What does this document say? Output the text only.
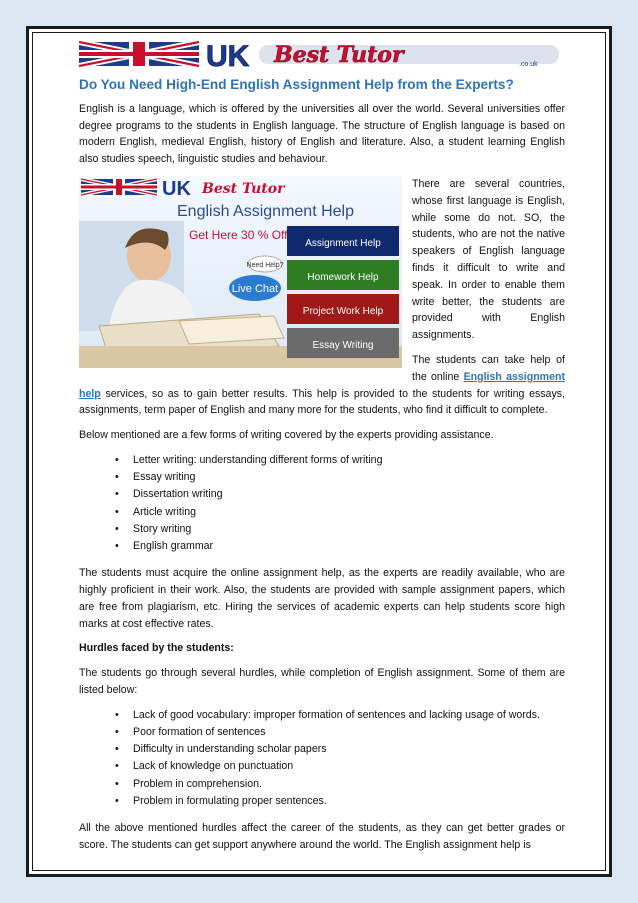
UK Best Tutor	.co.uk
Do You Need High-End English Assignment Help from the Experts?

English is a language, which is offered by the universities all over the world. Several universities offer degree programs to the students in English language. The structure of English language is based on modern English, medieval English, history of English and literature. Also, a student learning English also studies speech, linguistic studies and behaviour.

UK Best Tutor
English Assignment Help
Get Here 30 % Off
Need Help?
Live Chat
Assignment Help
Homework Help
Project Work Help
Essay Writing

There are several countries, whose first language is English, while some do not. SO, the students, who are not the native speakers of English language finds it difficult to write and speak. In order to enable them write better, the students are provided with English assignments.

The students can take help of the online English assignment help services, so as to gain better results. This help is provided to the students for writing essays, assignments, term paper of English and many more for the students, who find it difficult to complete.

Below mentioned are a few forms of writing covered by the experts providing assistance.

• Letter writing: understanding different forms of writing
• Essay writing
• Dissertation writing
• Article writing
• Story writing
• English grammar

The students must acquire the online assignment help, as the experts are readily available, who are highly proficient in their work. Also, the students are provided with sample assignment papers, which are free from plagiarism, etc. Hiring the services of academic experts can help students score high marks at cost effective rates.

Hurdles faced by the students:

The students go through several hurdles, while completion of English assignment. Some of them are listed below:

• Lack of good vocabulary: improper formation of sentences and lacking usage of words.
• Poor formation of sentences
• Difficulty in understanding scholar papers
• Lack of knowledge on punctuation
• Problem in comprehension.
• Problem in formulating proper sentences.

All the above mentioned hurdles affect the career of the students, as they can get better grades or score. The students can get support anywhere around the world. The English assignment help is
